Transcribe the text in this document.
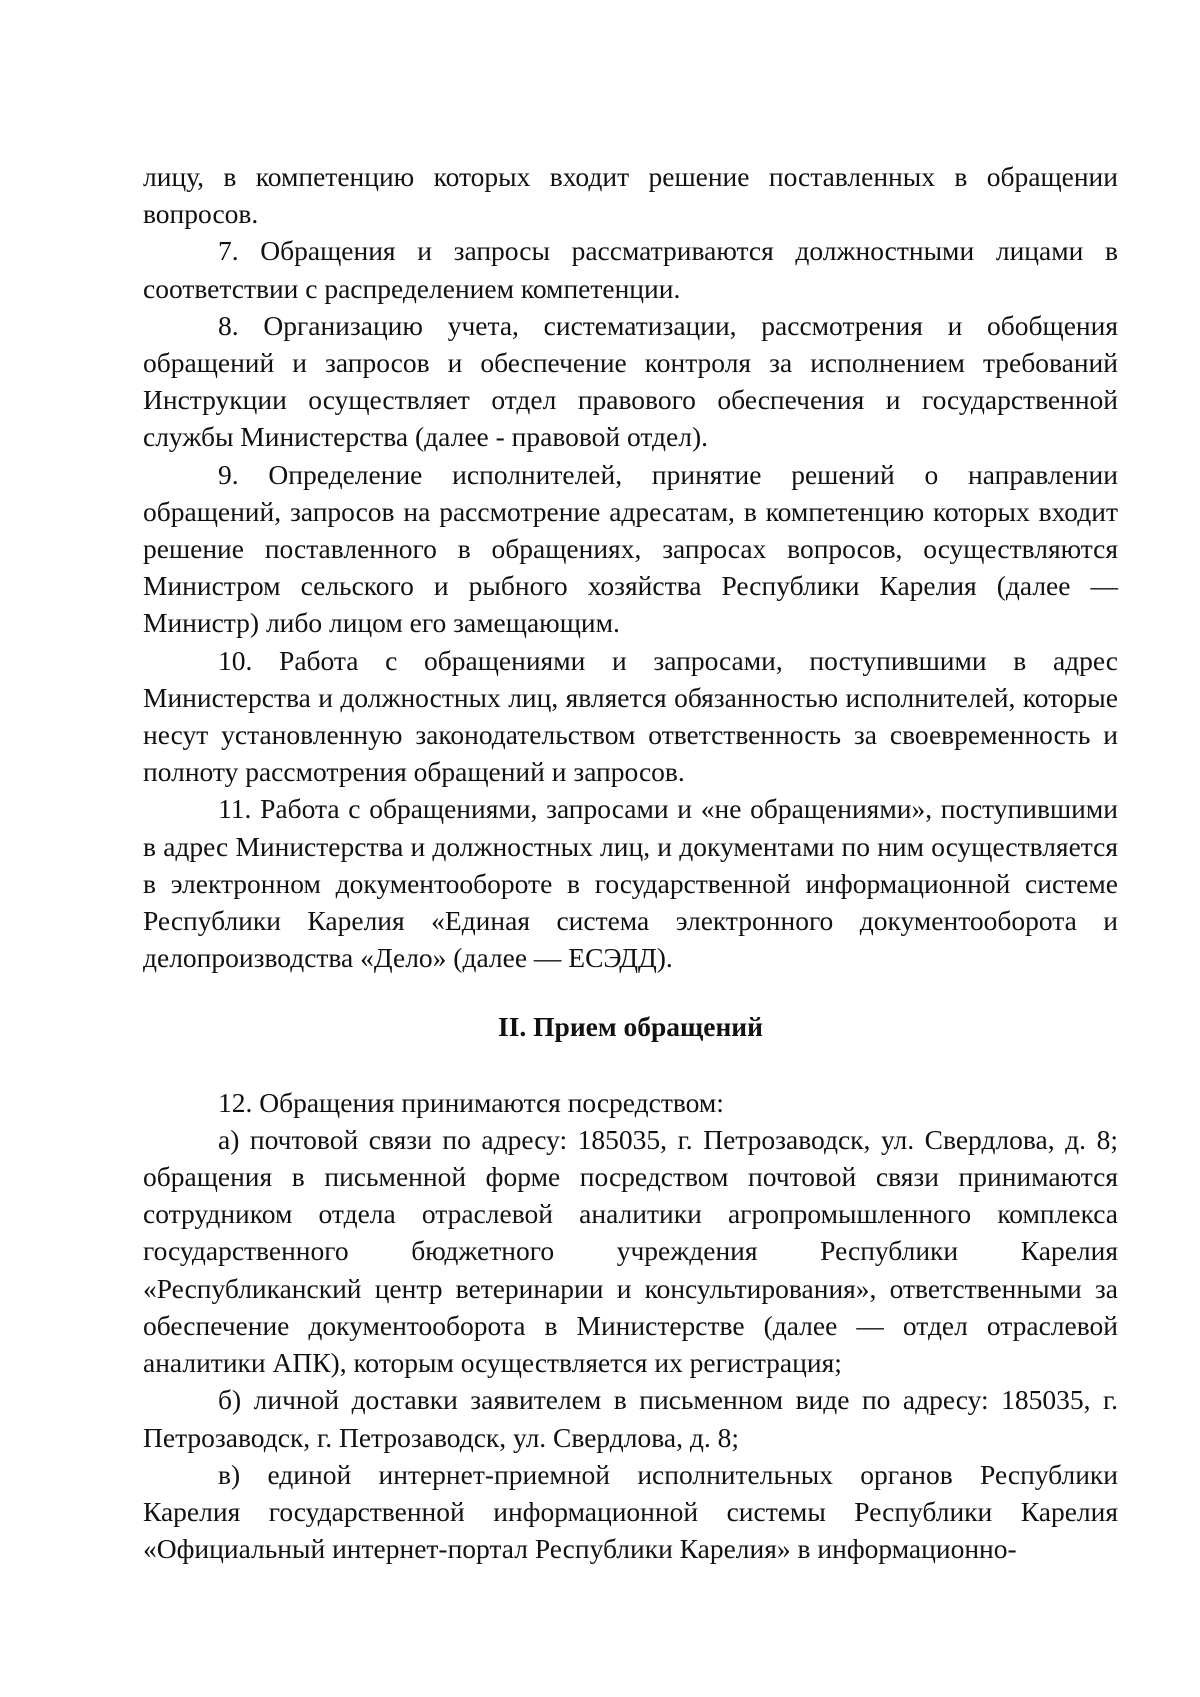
лицу, в компетенцию которых входит решение поставленных в обращении вопросов.

7. Обращения и запросы рассматриваются должностными лицами в соответствии с распределением компетенции.

8. Организацию учета, систематизации, рассмотрения и обобщения обращений и запросов и обеспечение контроля за исполнением требований Инструкции осуществляет отдел правового обеспечения и государственной службы Министерства (далее - правовой отдел).

9. Определение исполнителей, принятие решений о направлении обращений, запросов на рассмотрение адресатам, в компетенцию которых входит решение поставленного в обращениях, запросах вопросов, осуществляются Министром сельского и рыбного хозяйства Республики Карелия (далее — Министр) либо лицом его замещающим.

10. Работа с обращениями и запросами, поступившими в адрес Министерства и должностных лиц, является обязанностью исполнителей, которые несут установленную законодательством ответственность за своевременность и полноту рассмотрения обращений и запросов.

11. Работа с обращениями, запросами и «не обращениями», поступившими в адрес Министерства и должностных лиц, и документами по ним осуществляется в электронном документообороте в государственной информационной системе Республики Карелия «Единая система электронного документооборота и делопроизводства «Дело» (далее — ЕСЭДД).

II. Прием обращений

12. Обращения принимаются посредством:

а) почтовой связи по адресу: 185035, г. Петрозаводск, ул. Свердлова, д. 8; обращения в письменной форме посредством почтовой связи принимаются сотрудником отдела отраслевой аналитики агропромышленного комплекса государственного бюджетного учреждения Республики Карелия «Республиканский центр ветеринарии и консультирования», ответственными за обеспечение документооборота в Министерстве (далее — отдел отраслевой аналитики АПК), которым осуществляется их регистрация;

б) личной доставки заявителем в письменном виде по адресу: 185035, г. Петрозаводск, г. Петрозаводск, ул. Свердлова, д. 8;

в) единой интернет-приемной исполнительных органов Республики Карелия государственной информационной системы Республики Карелия «Официальный интернет-портал Республики Карелия» в информационно-
